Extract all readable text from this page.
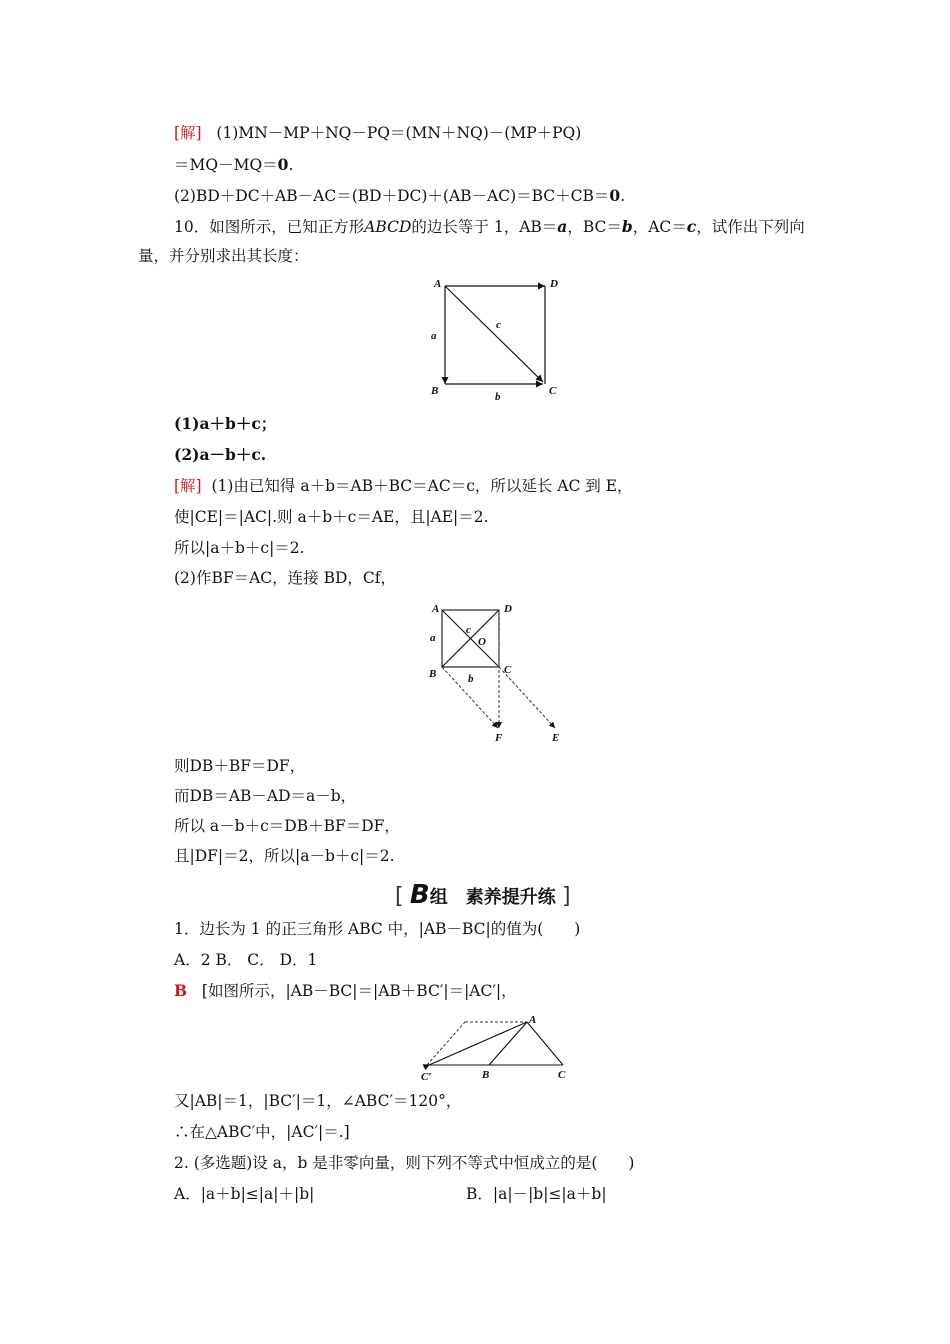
[解] (1)MN－MP＋NQ－PQ＝(MN＋NQ)－(MP＋PQ)
＝MQ－MQ＝0.
(2)BD＋DC＋AB－AC＝(BD＋DC)＋(AB－AC)＝BC＋CB＝0.
10．如图所示，已知正方形ABCD的边长等于 1，AB＝a，BC＝b，AC＝c，试作出下列向
量，并分别求出其长度：
A	D
B	C
a
b
c
(1)a＋b＋c；
(2)a－b＋c.
[解] (1)由已知得 a＋b＝AB＋BC＝AC＝c，所以延长 AC 到 E，
使|CE|＝|AC|.则 a＋b＋c＝AE，且|AE|＝2.
所以|a＋b＋c|＝2.
(2)作BF＝AC，连接 BD，Cf，
A	D
B	C
O
a
b
c
F	E
则DB＋BF＝DF，
而DB＝AB－AD＝a－b，
所以 a－b＋c＝DB＋BF＝DF，
且|DF|＝2，所以|a－b＋c|＝2.
[ B组　素养提升练 ]
1．边长为 1 的正三角形 ABC 中，|AB－BC|的值为(　　)
A．2 B． C． D．1
B [如图所示，|AB－BC|＝|AB＋BC′|＝|AC′|，
A
C′	B	C
又|AB|＝1，|BC′|＝1，∠ABC′＝120°，
∴在△ABC′中，|AC′|＝.]
2. (多选题)设 a，b 是非零向量，则下列不等式中恒成立的是(　　)
A．|a＋b|≤|a|＋|b|	B．|a|－|b|≤|a＋b|
